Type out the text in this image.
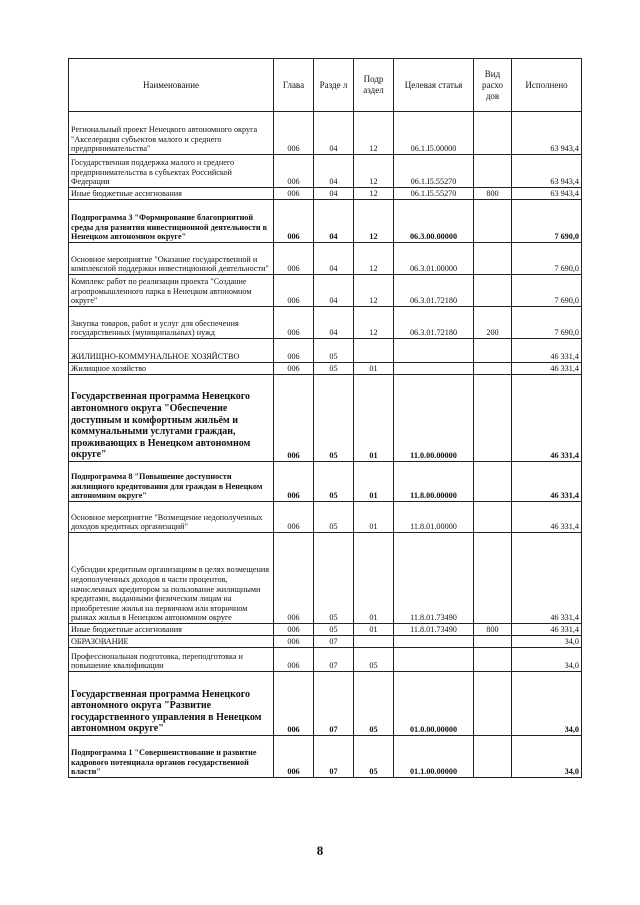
Наименование	Глава	Разде л	Подр аздел	Целевая статья	Вид расхо дов	Исполнено
Региональный проект Ненецкого автономного округа "Акселерация субъектов малого и среднего предпринимательства"	006	04	12	06.1.I5.00000		63 943,4
Государственная поддержка малого и среднего предпринимательства в субъектах Российской Федерации	006	04	12	06.1.I5.55270		63 943,4
Иные бюджетные ассигнования	006	04	12	06.1.I5.55270	800	63 943,4
Подпрограмма 3 "Формирование благоприятной среды для развития инвестиционной деятельности в Ненецком автономном округе"	006	04	12	06.3.00.00000		7 690,0
Основное мероприятие "Оказание государственной и комплексной поддержки инвестиционной деятельности"	006	04	12	06.3.01.00000		7 690,0
Комплекс работ по реализации проекта "Создание агропромышленного парка в Ненецком автономном округе"	006	04	12	06.3.01.72180		7 690,0
Закупка товаров, работ и услуг для обеспечения государственных (муниципальных) нужд	006	04	12	06.3.01.72180	200	7 690,0
ЖИЛИЩНО-КОММУНАЛЬНОЕ ХОЗЯЙСТВО	006	05				46 331,4
Жилищное хозяйство	006	05	01			46 331,4
Государственная программа Ненецкого автономного округа "Обеспечение доступным и комфортным жильём и коммунальными услугами граждан, проживающих в Ненецком автономном округе"	006	05	01	11.0.00.00000		46 331,4
Подпрограмма 8 "Повышение доступности жилищного кредитования для граждан в Ненецком автономном округе"	006	05	01	11.8.00.00000		46 331,4
Основное мероприятие "Возмещение недополученных доходов кредитных организаций"	006	05	01	11.8.01.00000		46 331,4
Субсидии кредитным организациям в целях возмещения недополученных доходов в части процентов, начисленных кредитором за пользование жилищными кредитами, выданными физическим лицам на приобретение жилья на первичном или вторичном рынках жилья в Ненецком автономном округе	006	05	01	11.8.01.73490		46 331,4
Иные бюджетные ассигнования	006	05	01	11.8.01.73490	800	46 331,4
ОБРАЗОВАНИЕ	006	07				34,0
Профессиональная подготовка, переподготовка и повышение квалификации	006	07	05			34,0
Государственная программа Ненецкого автономного округа "Развитие государственного управления в Ненецком автономном округе"	006	07	05	01.0.00.00000		34,0
Подпрограмма 1 "Совершенствование и развитие кадрового потенциала органов государственной власти"	006	07	05	01.1.00.00000		34,0
8
